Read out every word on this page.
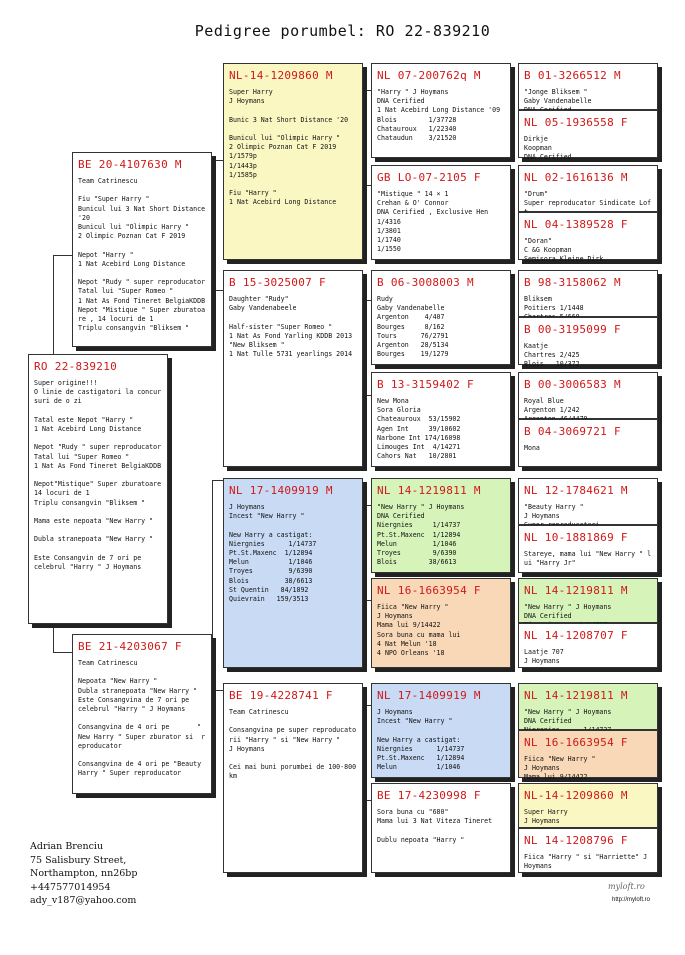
Pedigree porumbel: RO 22-839210
RO 22-839210
Super origine!!!
O linie de castigatori la concur
suri de o zi

Tatal este Nepot "Harry "
1 Nat Acebird Long Distance

Nepot "Rudy " super reproducator
Tatal lui "Super Romeo "
1 Nat As Fond Tineret BelgiaKDDB

Nepot"Mistique" Super zburatoare
14 locuri de 1
Triplu consangvin "Bliksem "

Mama este nepoata "New Harry "

Dubla stranepoata "New Harry "

Este Consangvin de 7 ori pe
celebrul "Harry " J Hoymans
BE 20-4107630 M
Team Catrinescu

Fiu "Super Harry "
Bunicul lui 3 Nat Short Distance
'20
Bunicul lui "Olimpic Harry "
2 Olimpic Poznan Cat F 2019

Nepot "Harry "
1 Nat Acebird Long Distance

Nepot "Rudy " super reproducator
Tatal lui "Super Romeo "
1 Nat As Fond Tineret BelgiaKDDB
Nepot "Mistique " Super zburatoa
re , 14 locuri de 1
Triplu consangvin "Bliksem "
BE 21-4203067 F
Team Catrinescu

Nepoata "New Harry "
Dubla stranepoata "New Harry "
Este Consangvina de 7 ori pe
celebrul "Harry " J Hoymans

Consangvina de 4 ori pe       "
New Harry " Super zburator si  r
eproducator

Consangvina de 4 ori pe "Beauty
Harry " Super reproducator
NL-14-1209860 M
Super Harry
J Hoymans

Bunic 3 Nat Short Distance '20

Bunicul lui "Olimpic Harry "
2 Olimpic Poznan Cat F 2019
1/1579p
1/1443p
1/1585p

Fiu "Harry "
1 Nat Acebird Long Distance
B 15-3025007 F
Daughter "Rudy"
Gaby Vandenabeele

Half-sister "Super Romeo "
1 Nat As Fond Yarling KDDB 2013
"New Bliksem "
1 Nat Tulle 5731 yearlings 2014
NL 17-1409919 M
J Hoymans
Incest "New Harry "

New Harry a castigat:
Niergnies      1/14737
Pt.St.Maxenc  1/12894
Melun          1/1046
Troyes         9/6390
Blois         38/6613
St Quentin   84/1892
Quievrain   159/3513
BE 19-4228741 F
Team Catrinescu

Consangvina pe super reproducato
rii "Harry " si "New Harry "
J Hoymans

Cei mai buni porumbei de 100-800
km
NL 07-200762q M
"Harry " J Hoymans
DNA Cerified
1 Nat Acebird Long Distance '09
Blois        1/37728
Chatauroux   1/22340
Chataudun    3/21520
GB LO-07-2105 F
"Mistique " 14 × 1
Crehan & O' Connor
DNA Cerified , Exclusive Hen
1/4316
1/3801
1/1740
1/1550
B 06-3008003 M
Rudy
Gaby Vandenabelle
Argenton    4/407
Bourges     8/162
Tours      76/2791
Argenton   28/5134
Bourges    19/1279
B 13-3159402 F
New Mona
Sora Gloria
Chateauroux  53/15902
Agen Int     39/10602
Narbone Int 174/16098
Limouges Int  4/14271
Cahors Nat   10/2801
NL 14-1219811 M
"New Harry " J Hoymans
DNA Cerified
Niergnies     1/14737
Pt.St.Maxenc  1/12894
Melun         1/1046
Troyes        9/6390
Blois        38/6613
NL 16-1663954 F
Fiica "New Harry "
J Hoymans
Mama lui 9/14422
Sora buna cu mama lui
4 Nat Melun '18
4 NPO Orleans '18
NL 17-1409919 M
J Hoymans
Incest "New Harry "

New Harry a castigat:
Niergnies      1/14737
Pt.St.Maxenc   1/12894
Melun          1/1046
BE 17-4230998 F
Sora buna cu "680"
Mama lui 3 Nat Viteza Tineret

Dublu nepoata "Harry "
B 01-3266512 M
"Jonge Bliksem "
Gaby Vandenabelle
NL 05-1936558 F
Dirkje
Koopman
DNA Cerified
NL 02-1616136 M
"Drum"
Super reproducator Sindicate Lof
NL 04-1389528 F
"Doran"
C &G Koopman
Semisora Kleine Dirk
B 98-3158062 M
Bliksem
Poitiers 1/1448
B 00-3195099 F
Kaatje
Chartres 2/425
Blois   10/372
B 00-3006583 M
Royal Blue
Argenton 1/242
B 04-3069721 F
Mona
NL 12-1784621 M
"Beauty Harry "
J Hoymans
NL 10-1881869 F
Stareye, mama lui "New Harry " l
ui "Harry Jr"
NL 14-1219811 M
"New Harry " J Hoymans
DNA Cerified
NL 14-1208707 F
Laatje 707
J Hoymans
NL 14-1219811 M
"New Harry " J Hoymans
DNA Cerified
NL 16-1663954 F
Fiica "New Harry "
J Hoymans
Mama lui 9/14422
NL-14-1209860 M
Super Harry
J Hoymans
NL 14-1208796 F
Fiica "Harry " si "Harriette" J
Hoymans
Adrian Brenciu
75 Salisbury Street,
Northampton, nn26bp
+447577014954
ady_v187@yahoo.com
myloft.ro
http://myloft.ro
